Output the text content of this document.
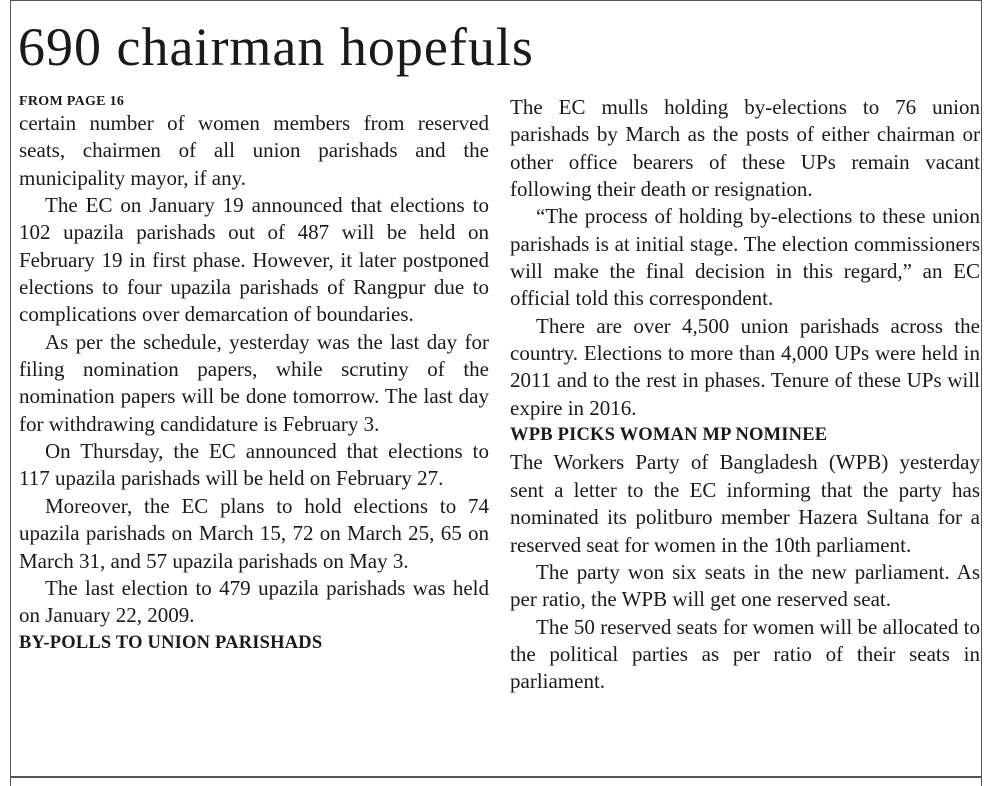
690 chairman hopefuls
FROM PAGE 16

certain number of women members from reserved seats, chairmen of all union parishads and the municipality mayor, if any.

The EC on January 19 announced that elections to 102 upazila parishads out of 487 will be held on February 19 in first phase. However, it later postponed elections to four upazila parishads of Rangpur due to complications over demarcation of boundaries.

As per the schedule, yesterday was the last day for filing nomination papers, while scrutiny of the nomination papers will be done tomorrow. The last day for withdrawing candidature is February 3.

On Thursday, the EC announced that elections to 117 upazila parishads will be held on February 27.

Moreover, the EC plans to hold elections to 74 upazila parishads on March 15, 72 on March 25, 65 on March 31, and 57 upazila parishads on May 3.

The last election to 479 upazila parishads was held on January 22, 2009.

BY-POLLS TO UNION PARISHADS

The EC mulls holding by-elections to 76 union parishads by March as the posts of either chairman or other office bearers of these UPs remain vacant following their death or resignation.

“The process of holding by-elections to these union parishads is at initial stage. The election commissioners will make the final decision in this regard,” an EC official told this correspondent.

There are over 4,500 union parishads across the country. Elections to more than 4,000 UPs were held in 2011 and to the rest in phases. Tenure of these UPs will expire in 2016.

WPB PICKS WOMAN MP NOMINEE

The Workers Party of Bangladesh (WPB) yesterday sent a letter to the EC informing that the party has nominated its politburo member Hazera Sultana for a reserved seat for women in the 10th parliament.

The party won six seats in the new parliament. As per ratio, the WPB will get one reserved seat.

The 50 reserved seats for women will be allocated to the political parties as per ratio of their seats in parliament.
